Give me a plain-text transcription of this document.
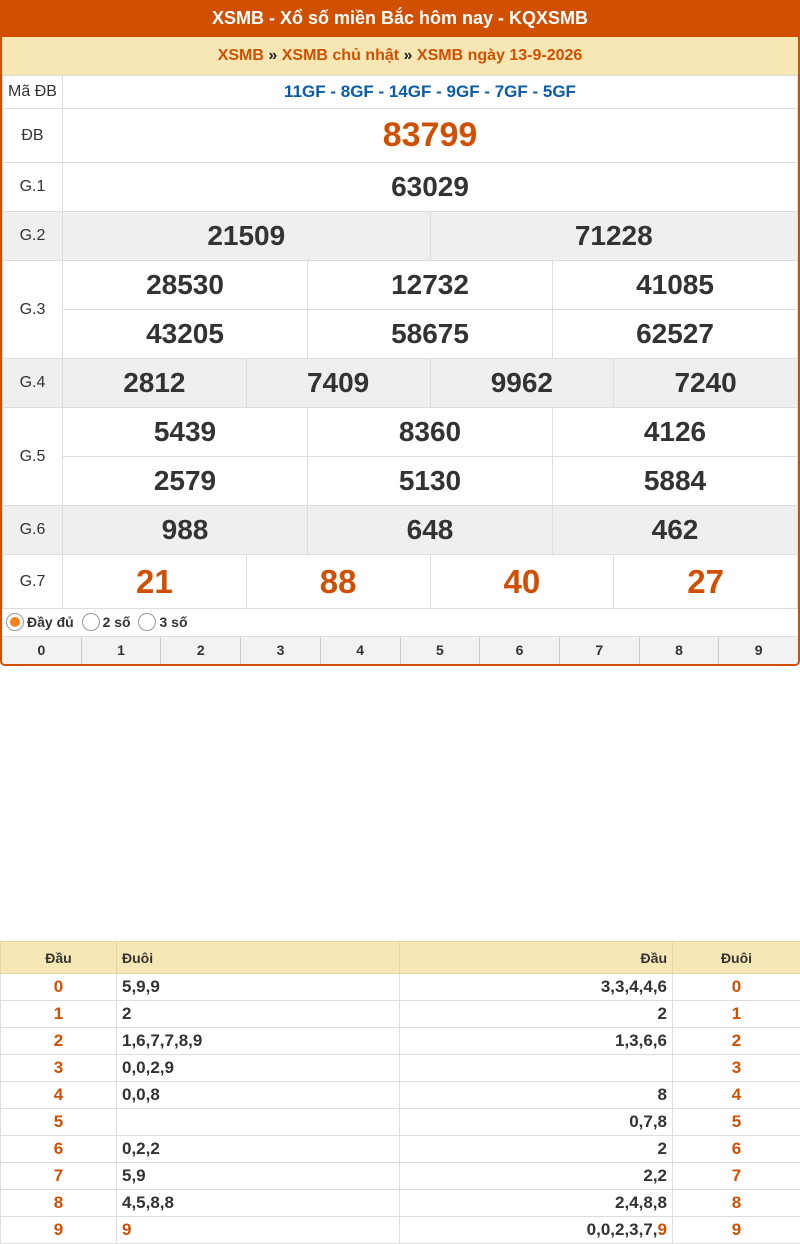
XSMB - Xổ số miền Bắc hôm nay - KQXSMB
XSMB » XSMB chủ nhật » XSMB ngày 13-9-2026
Mã ĐB	11GF - 8GF - 14GF - 9GF - 7GF - 5GF					
ĐB	83799					
G.1	63029					
G.2	21509			71228		
G.3	28530		12732		41085	
	43205		58675		62527	
G.4	2812	7409		9962		7240
G.5	5439		8360		4126	
	2579		5130		5884	
G.6	988		648		462	
G.7	21	88		40		27
Đầy đủ 2 số 3 số
0	1	2	3	4	5	6	7	8	9
Đầu	Đuôi	Đầu	Đuôi
0	5,9,9	3,3,4,4,6	0
1	2	2	1
2	1,6,7,7,8,9	1,3,6,6	2
3	0,0,2,9		3
4	0,0,8	8	4
5		0,7,8	5
6	0,2,2	2	6
7	5,9	2,2	7
8	4,5,8,8	2,4,8,8	8
9	9	0,0,2,3,7,9	9
